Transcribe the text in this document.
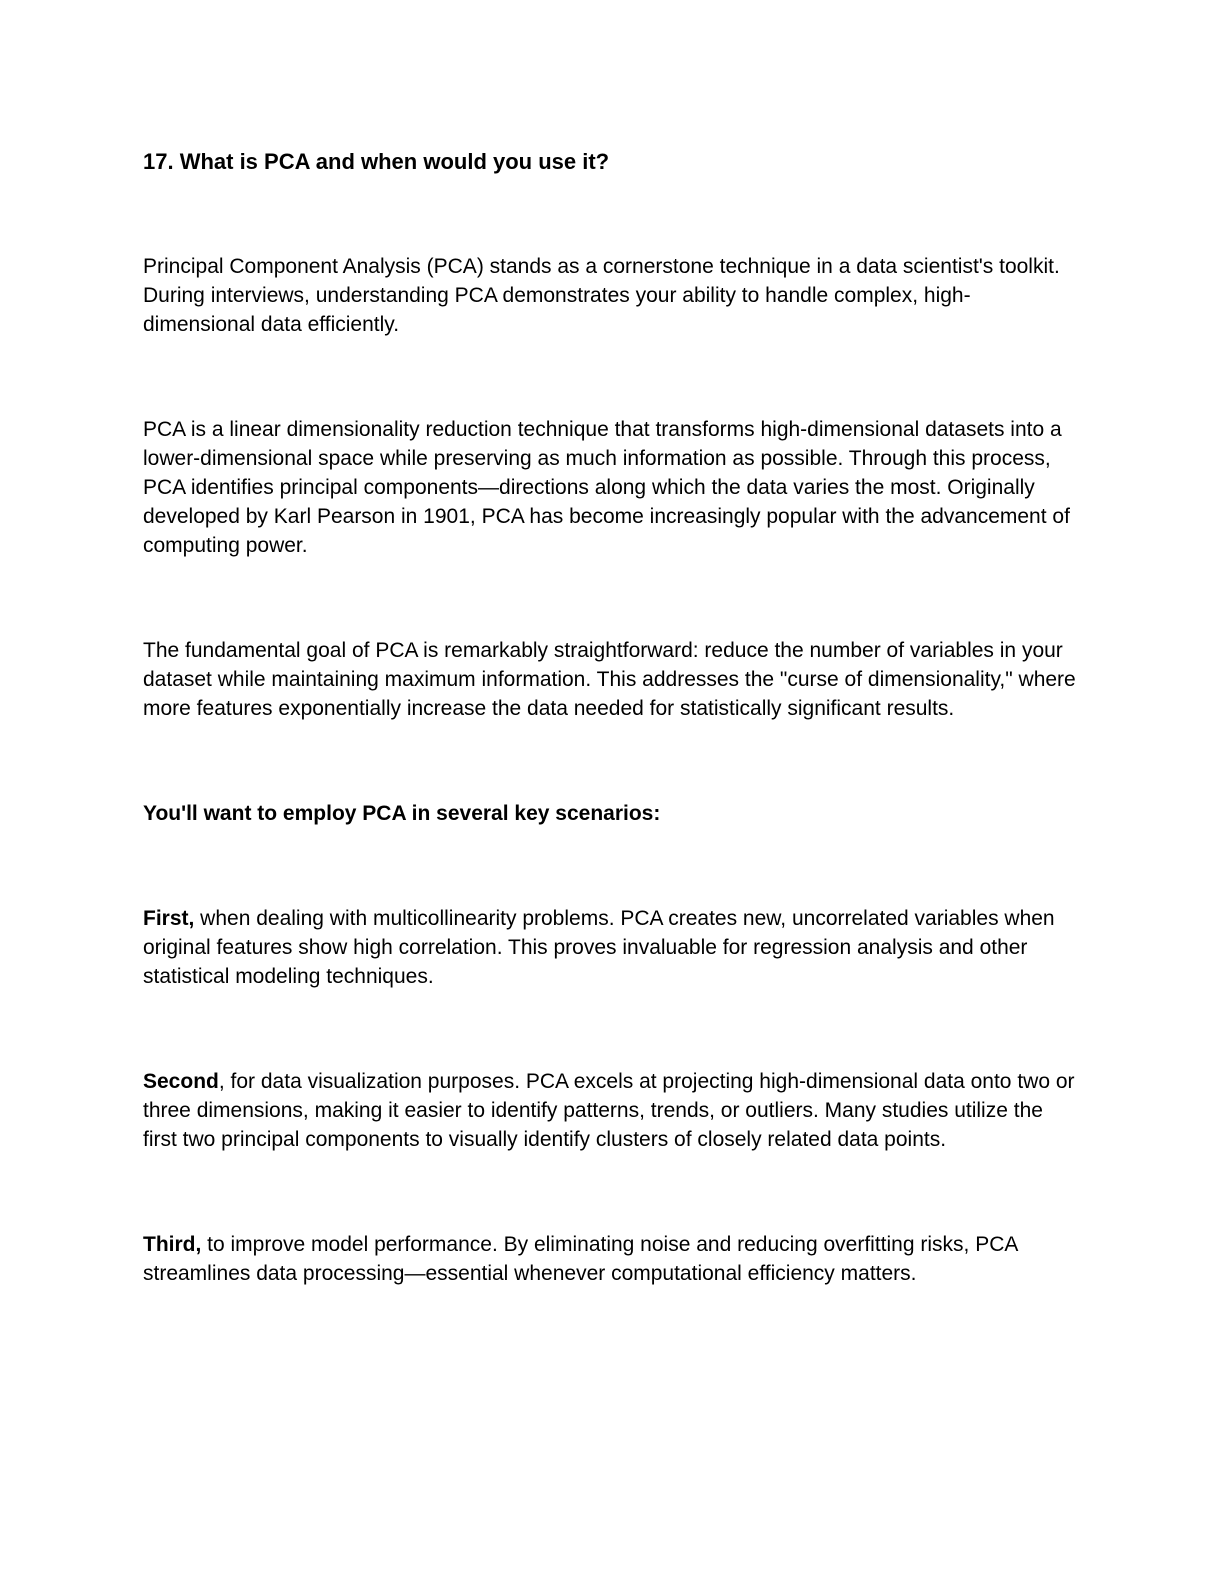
17. What is PCA and when would you use it?

Principal Component Analysis (PCA) stands as a cornerstone technique in a data scientist's toolkit. During interviews, understanding PCA demonstrates your ability to handle complex, high-dimensional data efficiently.

PCA is a linear dimensionality reduction technique that transforms high-dimensional datasets into a lower-dimensional space while preserving as much information as possible. Through this process, PCA identifies principal components—directions along which the data varies the most. Originally developed by Karl Pearson in 1901, PCA has become increasingly popular with the advancement of computing power.

The fundamental goal of PCA is remarkably straightforward: reduce the number of variables in your dataset while maintaining maximum information. This addresses the "curse of dimensionality," where more features exponentially increase the data needed for statistically significant results.

You'll want to employ PCA in several key scenarios:

First, when dealing with multicollinearity problems. PCA creates new, uncorrelated variables when original features show high correlation. This proves invaluable for regression analysis and other statistical modeling techniques.

Second, for data visualization purposes. PCA excels at projecting high-dimensional data onto two or three dimensions, making it easier to identify patterns, trends, or outliers. Many studies utilize the first two principal components to visually identify clusters of closely related data points.

Third, to improve model performance. By eliminating noise and reducing overfitting risks, PCA streamlines data processing—essential whenever computational efficiency matters.
